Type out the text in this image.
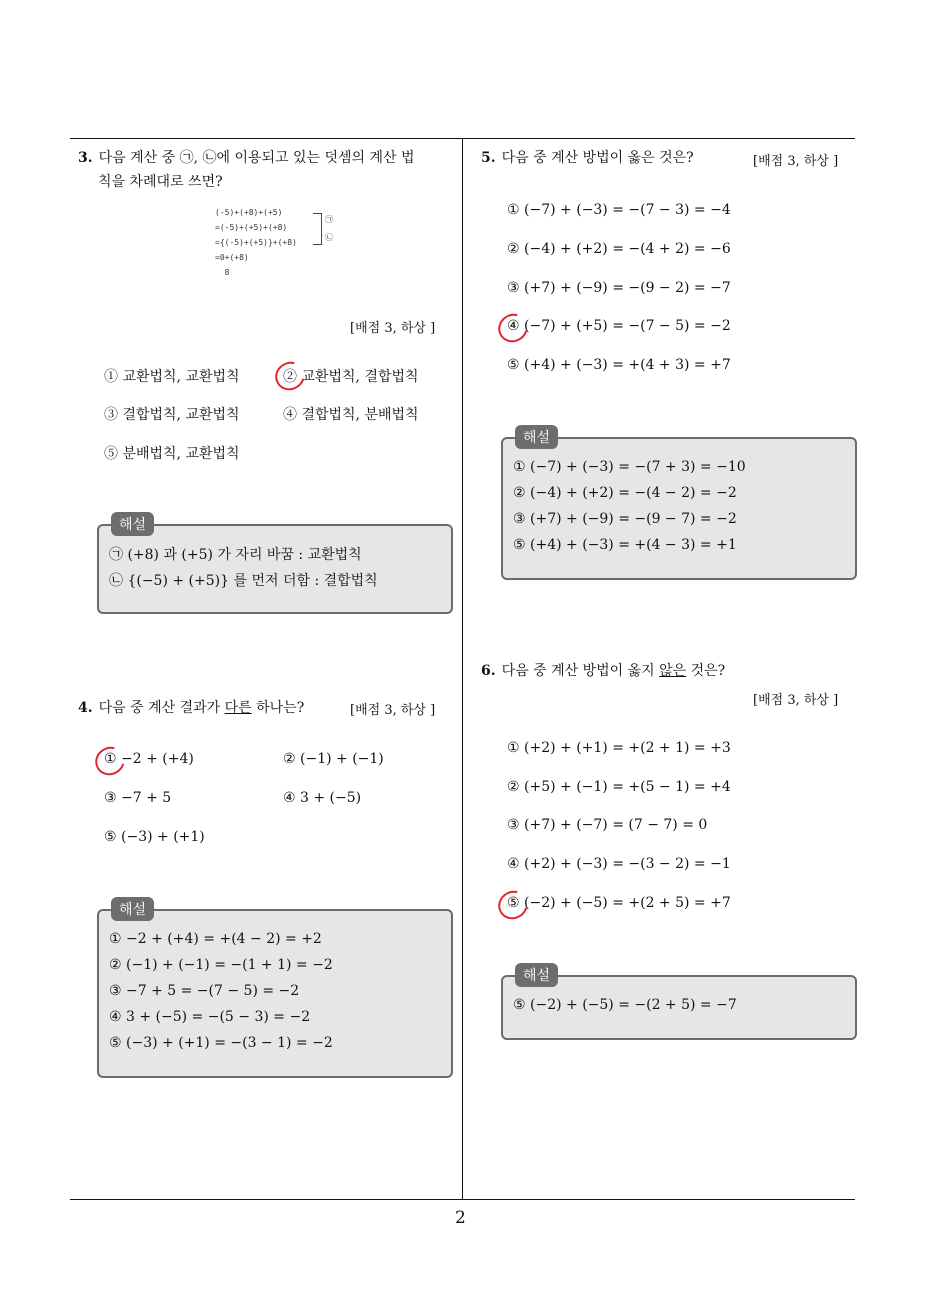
2
3. 다음 계산 중 ㉠, ㉡에 이용되고 있는 덧셈의 계산 법
칙을 차례대로 쓰면?
(-5)+(+8)+(+5)
=(-5)+(+5)+(+8)
={(-5)+(+5)}+(+8)
=0+(+8)
8
㉠
㉡
[배점 3, 하상 ]
① 교환법칙, 교환법칙	② 교환법칙, 결합법칙
③ 결합법칙, 교환법칙	④ 결합법칙, 분배법칙
⑤ 분배법칙, 교환법칙
해설
㉠ (+8) 과 (+5) 가 자리 바꿈 : 교환법칙
㉡ {(−5) + (+5)} 를 먼저 더함 : 결합법칙
4. 다음 중 계산 결과가 다른 하나는?	[배점 3, 하상 ]
① −2 + (+4)	② (−1) + (−1)
③ −7 + 5	④ 3 + (−5)
⑤ (−3) + (+1)
해설
① −2 + (+4) = +(4 − 2) = +2
② (−1) + (−1) = −(1 + 1) = −2
③ −7 + 5 = −(7 − 5) = −2
④ 3 + (−5) = −(5 − 3) = −2
⑤ (−3) + (+1) = −(3 − 1) = −2
5. 다음 중 계산 방법이 옳은 것은?	[배점 3, 하상 ]
① (−7) + (−3) = −(7 − 3) = −4
② (−4) + (+2) = −(4 + 2) = −6
③ (+7) + (−9) = −(9 − 2) = −7
④ (−7) + (+5) = −(7 − 5) = −2
⑤ (+4) + (−3) = +(4 + 3) = +7
해설
① (−7) + (−3) = −(7 + 3) = −10
② (−4) + (+2) = −(4 − 2) = −2
③ (+7) + (−9) = −(9 − 7) = −2
⑤ (+4) + (−3) = +(4 − 3) = +1
6. 다음 중 계산 방법이 옳지 않은 것은?
[배점 3, 하상 ]
① (+2) + (+1) = +(2 + 1) = +3
② (+5) + (−1) = +(5 − 1) = +4
③ (+7) + (−7) = (7 − 7) = 0
④ (+2) + (−3) = −(3 − 2) = −1
⑤ (−2) + (−5) = +(2 + 5) = +7
해설
⑤ (−2) + (−5) = −(2 + 5) = −7
